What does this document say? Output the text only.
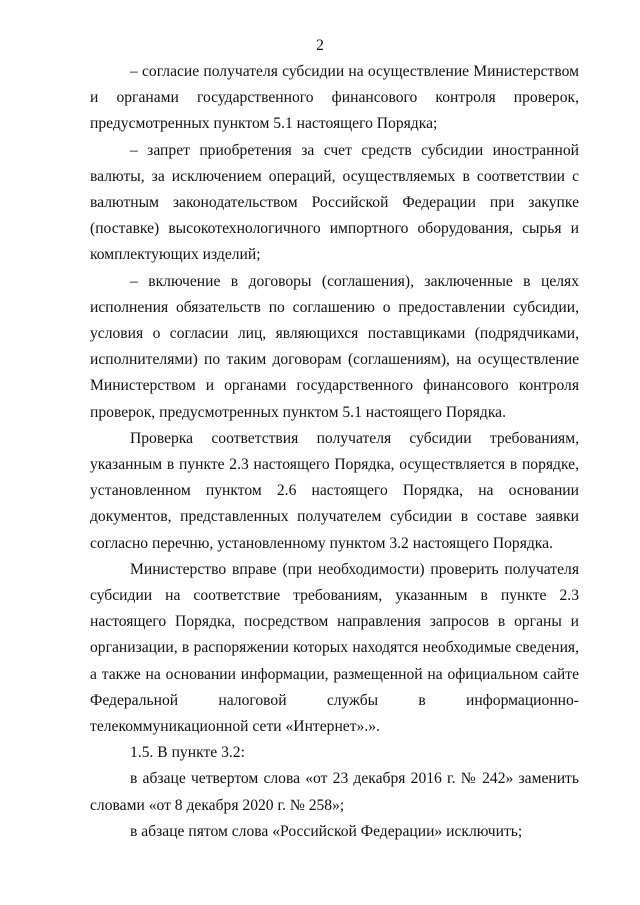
2

– согласие получателя субсидии на осуществление Министерством и органами государственного финансового контроля проверок, предусмотренных пунктом 5.1 настоящего Порядка;

– запрет приобретения за счет средств субсидии иностранной валюты, за исключением операций, осуществляемых в соответствии с валютным законодательством Российской Федерации при закупке (поставке) высокотехнологичного импортного оборудования, сырья и комплектующих изделий;

– включение в договоры (соглашения), заключенные в целях исполнения обязательств по соглашению о предоставлении субсидии, условия о согласии лиц, являющихся поставщиками (подрядчиками, исполнителями) по таким договорам (соглашениям), на осуществление Министерством и органами государственного финансового контроля проверок, предусмотренных пунктом 5.1 настоящего Порядка.

Проверка соответствия получателя субсидии требованиям, указанным в пункте 2.3 настоящего Порядка, осуществляется в порядке, установленном пунктом 2.6 настоящего Порядка, на основании документов, представленных получателем субсидии в составе заявки согласно перечню, установленному пунктом 3.2 настоящего Порядка.

Министерство вправе (при необходимости) проверить получателя субсидии на соответствие требованиям, указанным в пункте 2.3 настоящего Порядка, посредством направления запросов в органы и организации, в распоряжении которых находятся необходимые сведения, а также на основании информации, размещенной на официальном сайте Федеральной налоговой службы в информационно-телекоммуникационной сети «Интернет».».

1.5. В пункте 3.2:

в абзаце четвертом слова «от 23 декабря 2016 г. № 242» заменить словами «от 8 декабря 2020 г. № 258»;

в абзаце пятом слова «Российской Федерации» исключить;
